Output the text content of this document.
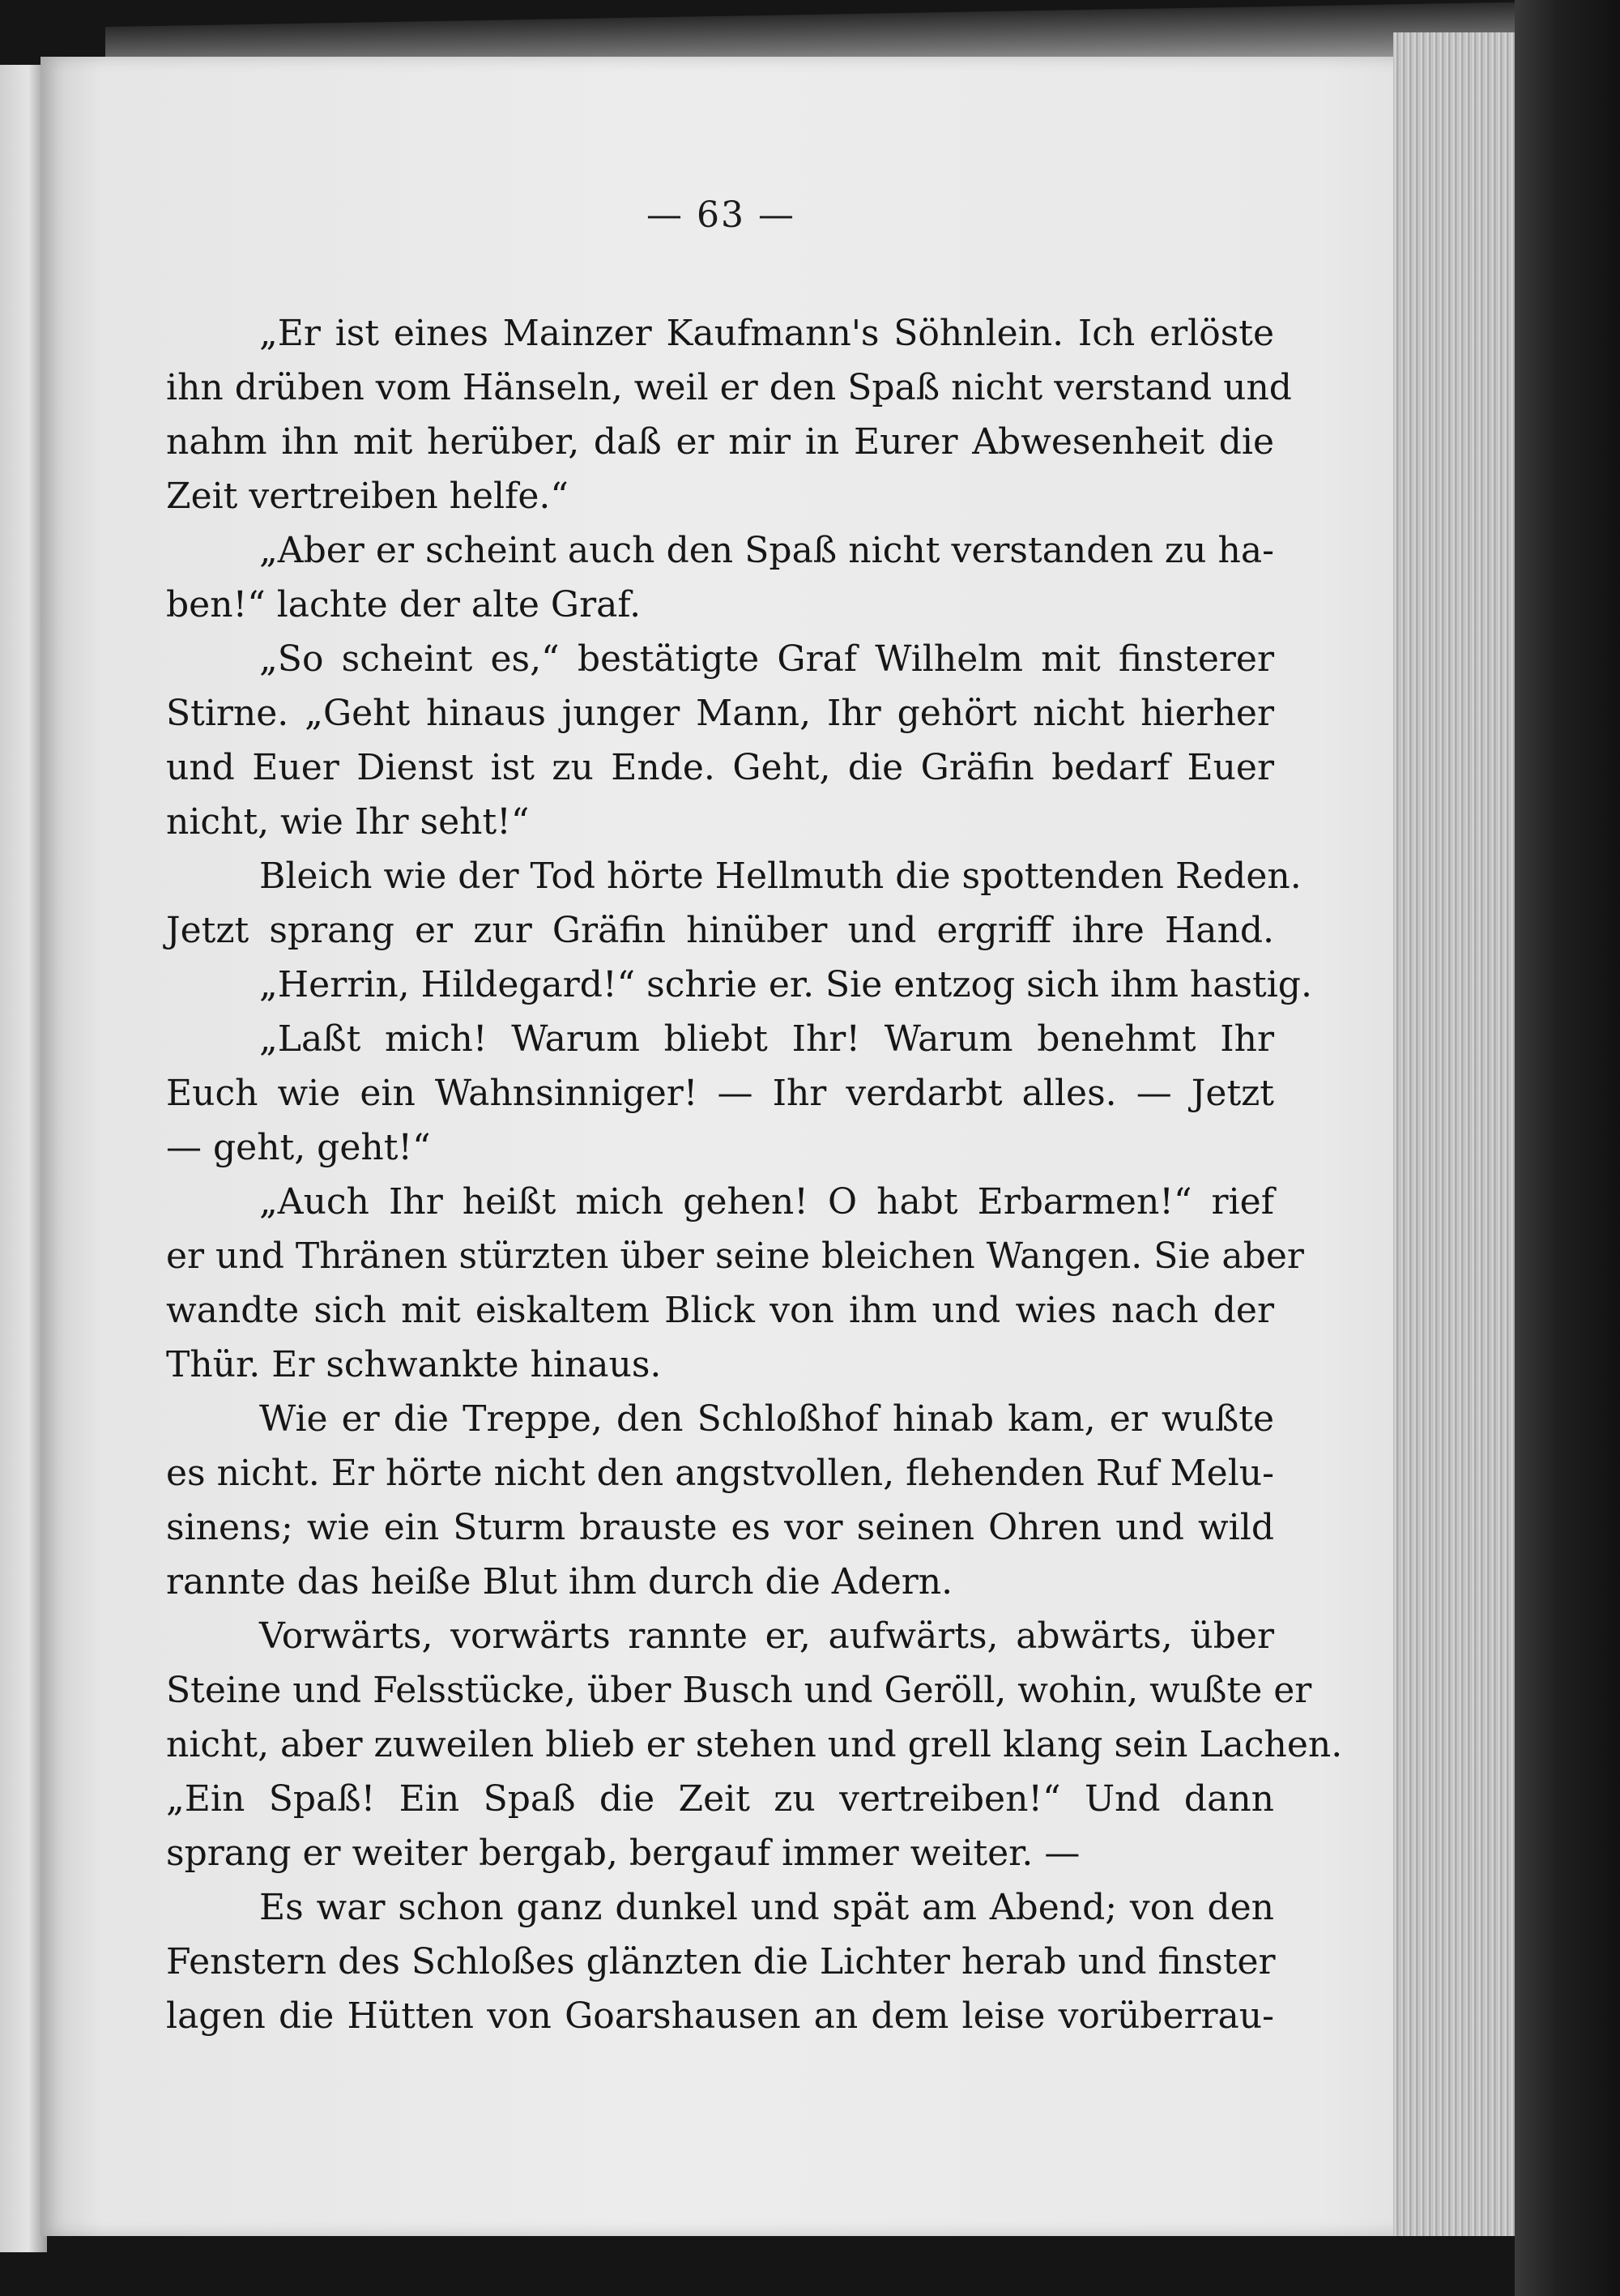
— 63 —
„Er ist eines Mainzer Kaufmann's Söhnlein. Ich erlöste
ihn drüben vom Hänseln, weil er den Spaß nicht verstand und
nahm ihn mit herüber, daß er mir in Eurer Abwesenheit die
Zeit vertreiben helfe.“
„Aber er scheint auch den Spaß nicht verstanden zu ha-
ben!“ lachte der alte Graf.
„So scheint es,“ bestätigte Graf Wilhelm mit finsterer
Stirne. „Geht hinaus junger Mann, Ihr gehört nicht hierher
und Euer Dienst ist zu Ende. Geht, die Gräfin bedarf Euer
nicht, wie Ihr seht!“
Bleich wie der Tod hörte Hellmuth die spottenden Reden.
Jetzt sprang er zur Gräfin hinüber und ergriff ihre Hand.
„Herrin, Hildegard!“ schrie er. Sie entzog sich ihm hastig.
„Laßt mich! Warum bliebt Ihr! Warum benehmt Ihr
Euch wie ein Wahnsinniger! — Ihr verdarbt alles. — Jetzt
— geht, geht!“
„Auch Ihr heißt mich gehen! O habt Erbarmen!“ rief
er und Thränen stürzten über seine bleichen Wangen. Sie aber
wandte sich mit eiskaltem Blick von ihm und wies nach der
Thür. Er schwankte hinaus.
Wie er die Treppe, den Schloßhof hinab kam, er wußte
es nicht. Er hörte nicht den angstvollen, flehenden Ruf Melu-
sinens; wie ein Sturm brauste es vor seinen Ohren und wild
rannte das heiße Blut ihm durch die Adern.
Vorwärts, vorwärts rannte er, aufwärts, abwärts, über
Steine und Felsstücke, über Busch und Geröll, wohin, wußte er
nicht, aber zuweilen blieb er stehen und grell klang sein Lachen.
„Ein Spaß! Ein Spaß die Zeit zu vertreiben!“ Und dann
sprang er weiter bergab, bergauf immer weiter. —
Es war schon ganz dunkel und spät am Abend; von den
Fenstern des Schloßes glänzten die Lichter herab und finster
lagen die Hütten von Goarshausen an dem leise vorüberrau-
